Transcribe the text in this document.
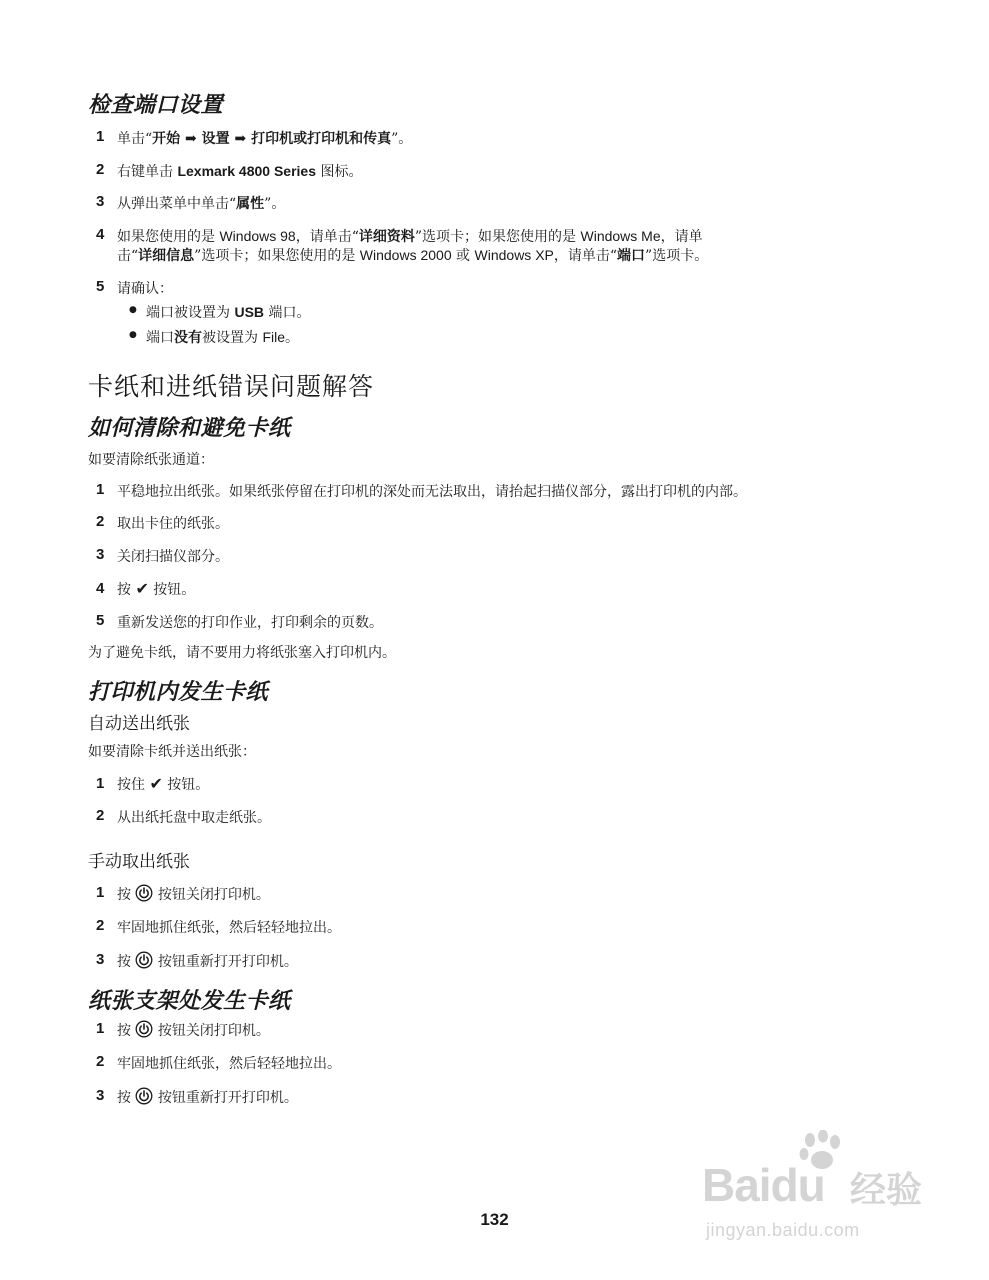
检查端口设置
1 单击“开始 ➡ 设置 ➡ 打印机或打印机和传真”。
2 右键单击 Lexmark 4800 Series 图标。
3 从弹出菜单中单击“属性”。
4 如果您使用的是 Windows 98，请单击“详细资料”选项卡；如果您使用的是 Windows Me，请单
击“详细信息”选项卡；如果您使用的是 Windows 2000 或 Windows XP，请单击“端口”选项卡。
5 请确认：
● 端口被设置为 USB 端口。
● 端口没有被设置为 File。
卡纸和进纸错误问题解答
如何清除和避免卡纸
如要清除纸张通道：
1 平稳地拉出纸张。如果纸张停留在打印机的深处而无法取出，请抬起扫描仪部分，露出打印机的内部。
2 取出卡住的纸张。
3 关闭扫描仪部分。
4 按 ✔ 按钮。
5 重新发送您的打印作业，打印剩余的页数。
为了避免卡纸，请不要用力将纸张塞入打印机内。
打印机内发生卡纸
自动送出纸张
如要清除卡纸并送出纸张：
1 按住 ✔ 按钮。
2 从出纸托盘中取走纸张。
手动取出纸张
1 按  按钮关闭打印机。
2 牢固地抓住纸张，然后轻轻地拉出。
3 按  按钮重新打开打印机。
纸张支架处发生卡纸
1 按  按钮关闭打印机。
2 牢固地抓住纸张，然后轻轻地拉出。
3 按  按钮重新打开打印机。
Baidu 经验
jingyan.baidu.com
132
